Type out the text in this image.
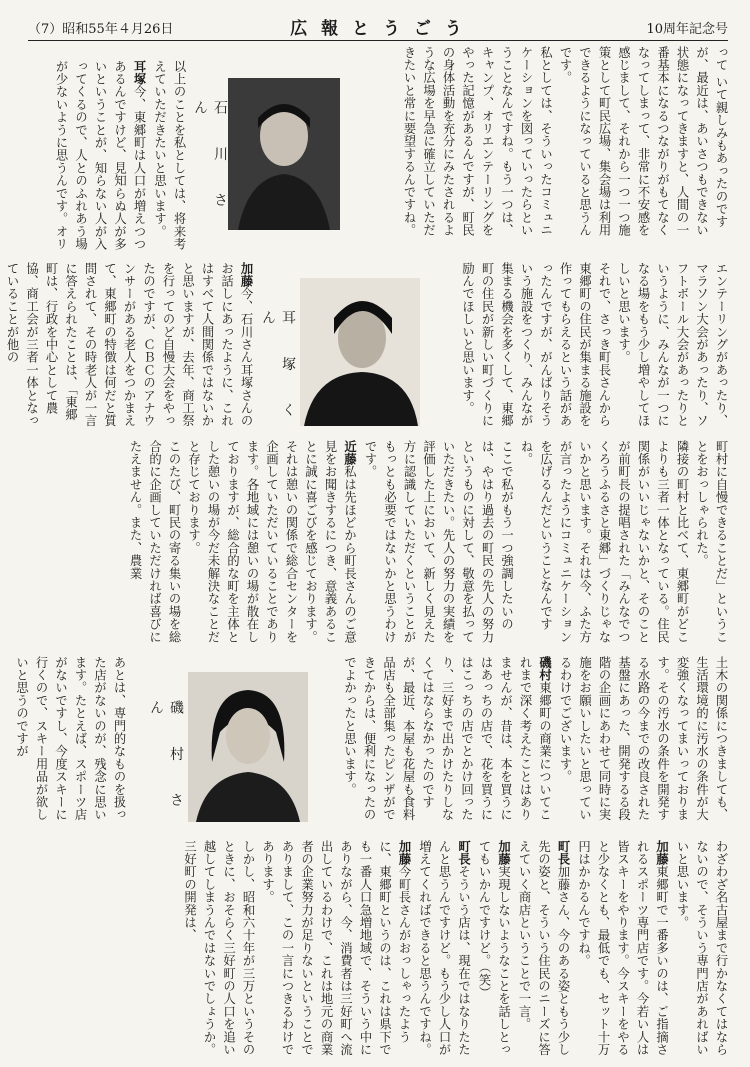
（7）昭和55年４月26日	広 報 と う ご う	10周年記念号
って いて親しみもあったのですが、最近は、あいさつもできない状態になってきますと、人間の一番基本になるつながりがもてなくなってしまって、非常に不安感を感じまして、それから一つ一つ施策として町民広場、集会場は利用できるようになっていると思うんです。
私としては、そういったコミュニケーションを図っていったらということなんですね。もう一つは、キャンプ、オリエンテーリングをやった記憶があるんですが、町民の身体活動を充分にみたされるような広場を早急に確立していただきたいと常に要望するんですね。
石 川 さ ん
以上のことを私としては、将来考えていただきたいと思います。
耳塚今、東郷町は人口が増えつつあるんですけど、見知らぬ人が多いということが、知らない人が入ってくるので、人とのふれあう場が少ないように思うんです。オリ
エンテーリングがあったり、マラソン大会があったり、ソフトボール大会があったりというように、みんなが一つになる場をもう少し増やしてほしいと思います。
それで、さっき町長さんから東郷町の住民が集まる施設を作ってもらえるという話があったんですが、がんばりそういう施設をつくり、みんなが集まる機会を多くして、東郷町の住民が新しい町づくりに励んでほしいと思います。
耳 塚 く ん
加藤今、石川さん耳塚さんのお話しにあったように、これはすべて人間関係ではないかと思いますが、去年、商工祭を行ってのど自慢大会をやったのですが、ＣＢＣのアナウンサーがある老人をつかまえて、東郷町の特徴は何だと質問されて、その時老人が一言に答えられたことは、「東郷町は、行政を中心として農協、商工会が三者一体となっていることが他の
町村に自慢できることだ」ということをおっしゃられた。
隣接の町村と比べて、東郷町がどこよりも三者一体となっている。住民関係がいいじゃないかと、そのことが前町長の提唱された「みんなでつくろうふるさと東郷」づくりじゃないかと思います。それは今、ふた方が言ったようにコミュニケーションを広げるんだということなんですね。
ここで私がもう一つ強調したいのは、やはり過去の町民の先人の努力というものに対して、敬意を払っていただきたい。先人の努力の実績を評価した上において、新しく見えた方に認識していただくということがもっとも必要ではないかと思うわけです。
近藤私は先ほどから町長さんのご意見をお聞きするにつき、意義あることに誠に喜ごびを感じております。それは憩いの関係で総合センターを企画していただいていることであります。各地域には憩いの場が散在しておりますが、総合的な町を主体とした憩いの場が今だ未解決なことだと存じております。
このたび、町民の寄る集いの場を総合的に企画していただければ喜びにたえません。また、農業
土木の関係につきましても、生活環境的に汚水の条件が大変強くなってまいっております。その汚水の条件を開発する水路の今までの改良された基盤にあった、開発するる段階の企画にあわせて同時に実施をお願いしたいと思っているわけでございます。
磯村東郷町の商業についてこれまで深く考えたことはありませんが、昔は、本を買うにはあっちの店で、花を買うにはこっちの店でとかけ回ったり、三好まで出かけたりしなくてはならなかったのですが、最近、本屋も花屋も食料品店も全部集ったピンザができてからは、便利になったのでよかったと思います。
あとは、専門的なものを扱った店がないのが、残念に思います。たとえば、スポーツ店がないですし、今度スキーに行くので、スキー用品が欲しいと思うのですが	磯 村 さ ん
わざわざ名古屋まで行かなくてはならないので、そういう専門店があればいいと思います。
加藤東郷町で一番多いのは、ご指摘されるスポーツ専門店です。今若い人は皆スキーをやります。今スキーをやると少なくとも、最低でも、セット十万円はかかるんですね。
町長加藤さん、今のある姿ともう少し先の姿と、そういう住民のニーズに答えていく商店ということで一言。
加藤実現しないようなことを話しとってもいかんですけど。（笑）
町長そういう店は、現在ではなりたたんと思うんですけど。もう少し人口が増えてくればできると思うんですね。
加藤今町長さんがおっしゃったように、東郷町というのは、これは県下でも一番人口急増地域で、そういう中にありながら、今、消費者は三好町へ流出しているわけで、これは地元の商業者の企業努力が足りないということでありまして、この一言につきるわけであります。
しかし、昭和六十年が三万というそのときに、おそらく三好町の人口を追い越してしまうんではないでしょうか。三好町の開発は、
